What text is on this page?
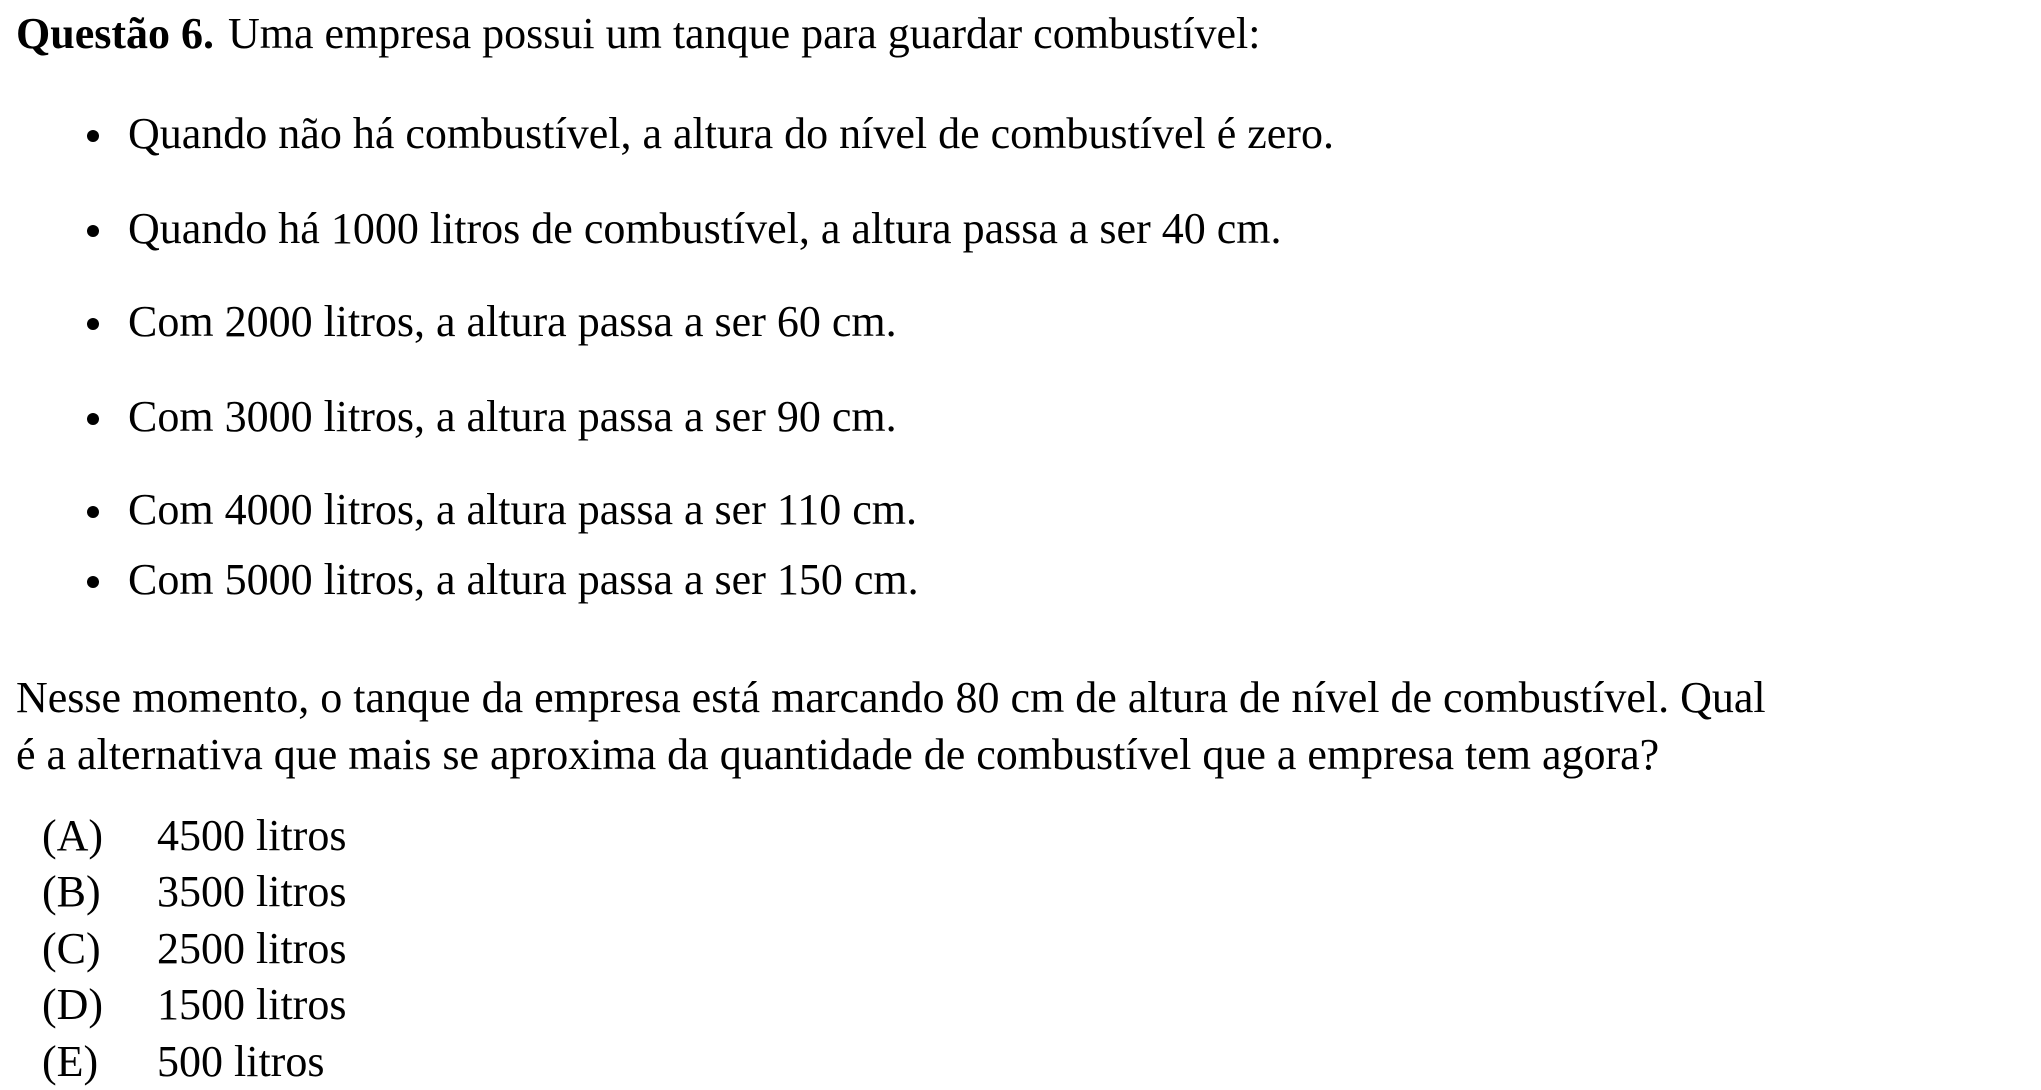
Questão 6. Uma empresa possui um tanque para guardar combustível:
Quando não há combustível, a altura do nível de combustível é zero.
Quando há 1000 litros de combustível, a altura passa a ser 40 cm.
Com 2000 litros, a altura passa a ser 60 cm.
Com 3000 litros, a altura passa a ser 90 cm.
Com 4000 litros, a altura passa a ser 110 cm.
Com 5000 litros, a altura passa a ser 150 cm.
Nesse momento, o tanque da empresa está marcando 80 cm de altura de nível de combustível. Qual
é a alternativa que mais se aproxima da quantidade de combustível que a empresa tem agora?
(A) 4500 litros
(B) 3500 litros
(C) 2500 litros
(D) 1500 litros
(E) 500 litros
